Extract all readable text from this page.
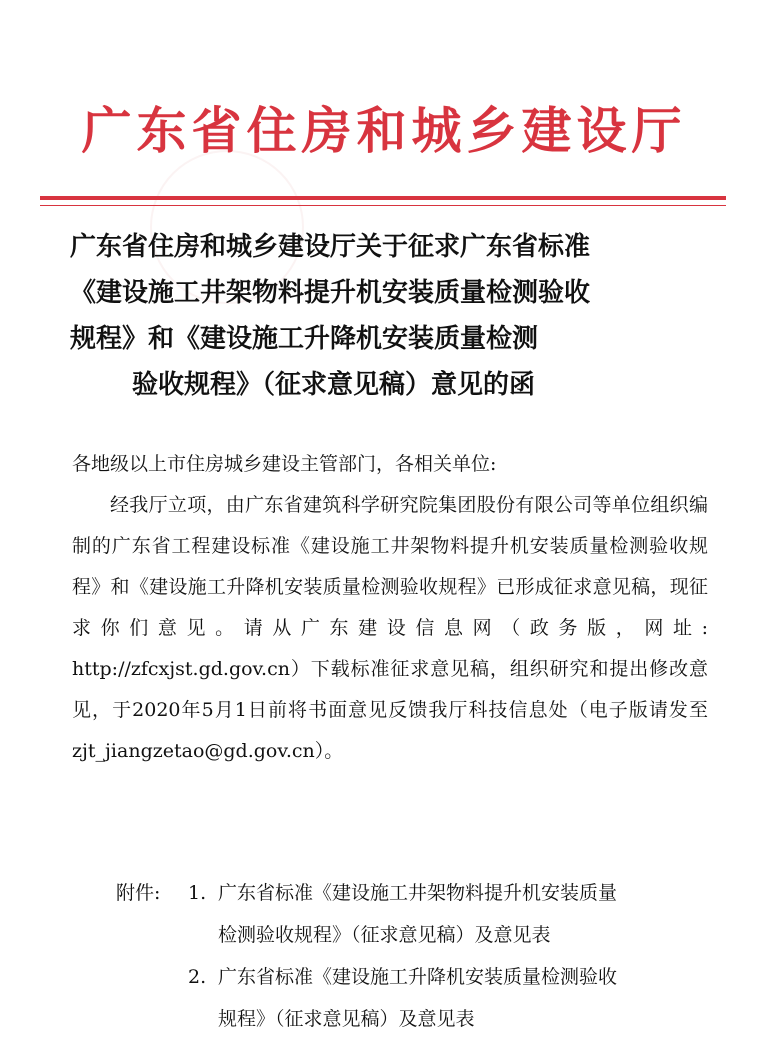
广东省住房和城乡建设厅
广东省住房和城乡建设厅关于征求广东省标准
《建设施工井架物料提升机安装质量检测验收
规程》和《建设施工升降机安装质量检测
验收规程》（征求意见稿）意见的函

各地级以上市住房城乡建设主管部门，各相关单位:

经我厅立项，由广东省建筑科学研究院集团股份有限公司等单位组织编制的广东省工程建设标准《建设施工井架物料提升机安装质量检测验收规程》和《建设施工升降机安装质量检测验收规程》已形成征求意见稿，现征求你们意见。请从广东建设信息网（政务版，网址: http://zfcxjst.gd.gov.cn）下载标准征求意见稿，组织研究和提出修改意见，于2020年5月1日前将书面意见反馈我厅科技信息处（电子版请发至zjt_jiangzetao@gd.gov.cn）。

附件:	1. 广东省标准《建设施工井架物料提升机安装质量
检测验收规程》（征求意见稿）及意见表
2. 广东省标准《建设施工升降机安装质量检测验收
规程》（征求意见稿）及意见表
